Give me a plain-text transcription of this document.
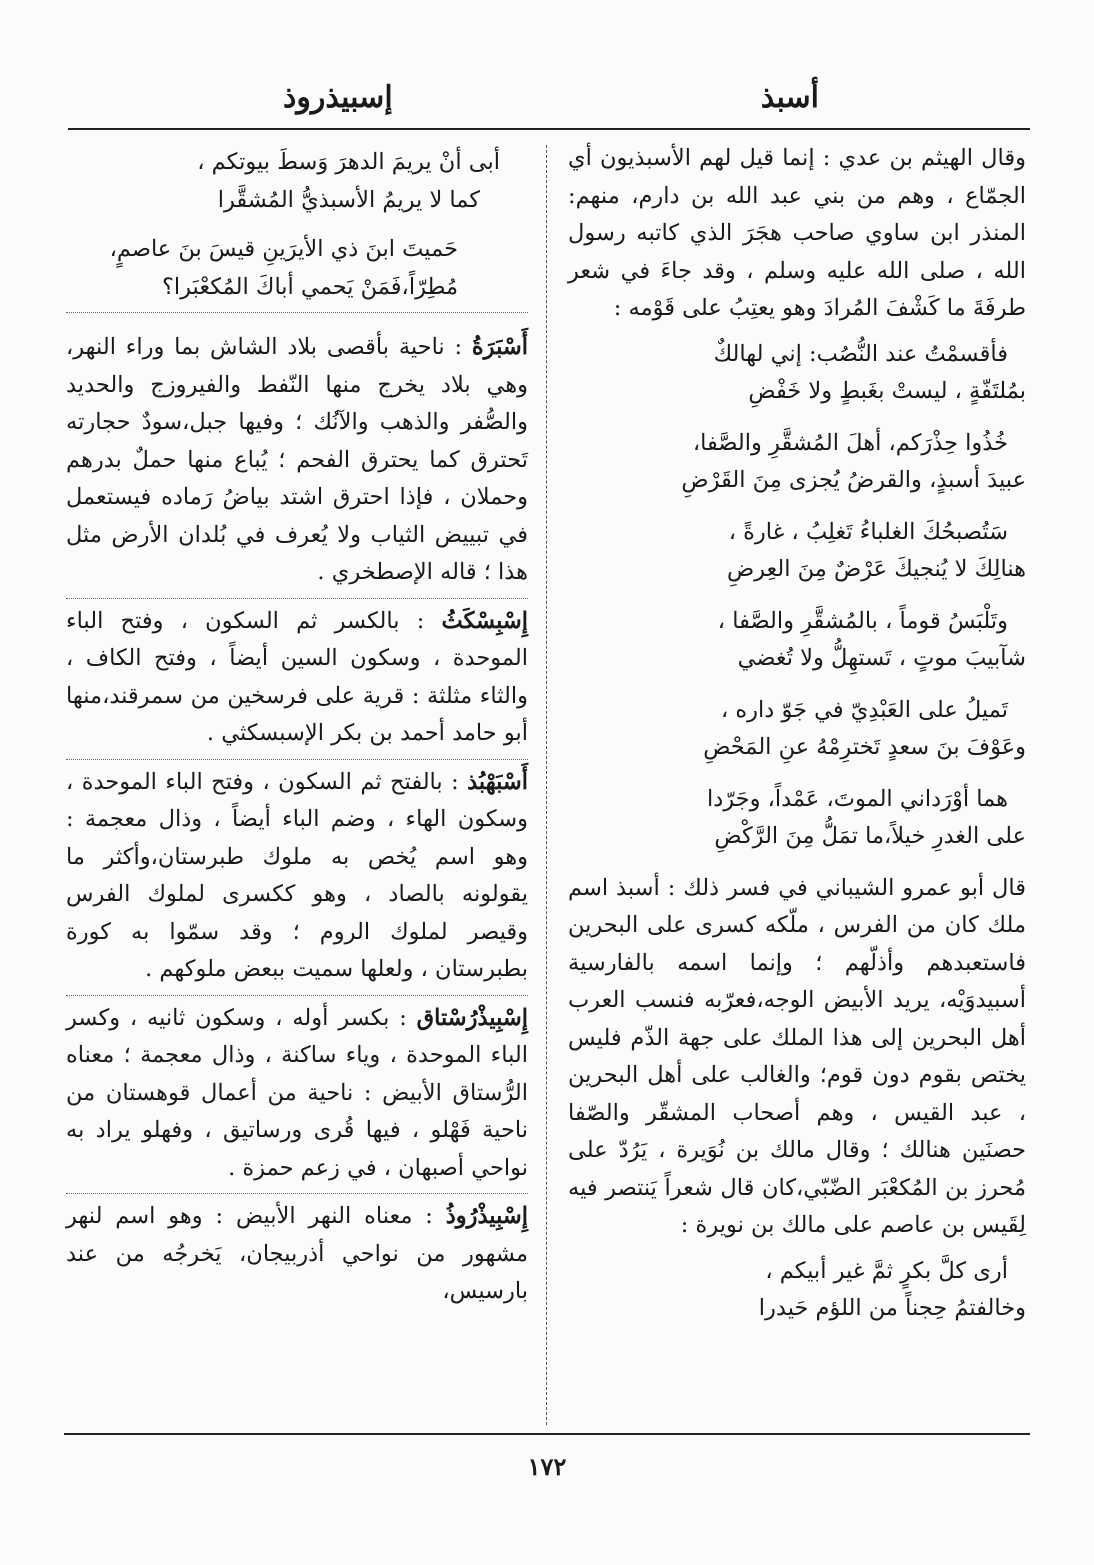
أسبذ
إسبيذروذ

وقال الهيثم بن عدي : إنما قيل لهم الأسبذيون أي الجمّاع ، وهم من بني عبد الله بن دارم، منهم: المنذر ابن ساوي صاحب هجَرَ الذي كاتبه رسول الله ، صلى الله عليه وسلم ، وقد جاءَ في شعر طرفَةَ ما كَشْفَ المُرادَ وهو يعتِبُ على قَوْمه :

فأقسمْتُ عند النُّصُب: إني لهالكٌ
بمُلتَفّةٍ ، ليستْ بغَبطٍ ولا خَفْضِ
خُذُوا حِذْرَكم، أهلَ المُشقَّرِ والصَّفا،
عبيدَ أسبذٍ، والقرضُ يُجزى مِنَ القَرْضِ
سَتُصبحُكَ الغلباءُ تَغلِبُ ، غارةً ،
هنالِكَ لا يُنجيكَ عَرْضٌ مِنَ العِرضِ
وتَلْبَسُ قوماً ، بالمُشقَّرِ والصَّفا ،
شآبيبَ موتٍ ، تَستهِلُّ ولا تُغضي
تَميلُ على العَبْدِيّ في جَوّ داره ،
وعَوْفَ بنَ سعدٍ تَخترِمْهُ عنِ المَحْضِ
هما أوْرَداني الموتَ، عَمْداً، وجَرّدا
على الغدرِ خيلاً،ما تمَلُّ مِنَ الرَّكْضِ

قال أبو عمرو الشيباني في فسر ذلك : أسبذ اسم ملك كان من الفرس ، ملّكه كسرى على البحرين فاستعبدهم وأذلّهم ؛ وإنما اسمه بالفارسية أسبيدوَيْه، يريد الأبيض الوجه،فعرّبه فنسب العرب أهل البحرين إلى هذا الملك على جهة الذّم فليس يختص بقوم دون قوم؛ والغالب على أهل البحرين ، عبد القيس ، وهم أصحاب المشقّر والصّفا حصنَين هنالك ؛ وقال مالك بن نُوَيرة ، يَرُدّ على مُحرز بن المُكعْبَر الضّبّي،كان قال شعراً يَنتصر فيه لِقَيس بن عاصم على مالك بن نويرة :

أرى كلَّ بكرٍ ثمَّ غير أبيكم ،
وخالفتمُ حِجناً من اللؤم حَيدرا
أبى أنْ يريمَ الدهرَ وَسطَ بيوتكم ،
كما لا يريمُ الأسبذيُّ المُشقَّرا
حَميتَ ابنَ ذي الأيرَينِ قيسَ بنَ عاصمٍ،
مُطِرّاً،فَمَنْ يَحمي أباكَ المُكعْبَرا؟

أَسْبَرَةُ : ناحية بأقصى بلاد الشاش بما وراء النهر، وهي بلاد يخرج منها النّفط والفيروزج والحديد والصُّفر والذهب والآنُك ؛ وفيها جبل،سودٌ حجارته تَحترق كما يحترق الفحم ؛ يُباع منها حملٌ بدرهم وحملان ، فإذا احترق اشتد بياضُ رَماده فيستعمل في تبييض الثياب ولا يُعرف في بُلدان الأرض مثل هذا ؛ قاله الإصطخري .

إِسْبِسْكَثُ : بالكسر ثم السكون ، وفتح الباء الموحدة ، وسكون السين أيضاً ، وفتح الكاف ، والثاء مثلثة : قرية على فرسخين من سمرقند،منها أبو حامد أحمد بن بكر الإسبسكثي .

أَسْبَهْبُذ : بالفتح ثم السكون ، وفتح الباء الموحدة ، وسكون الهاء ، وضم الباء أيضاً ، وذال معجمة : وهو اسم يُخص به ملوك طبرستان،وأكثر ما يقولونه بالصاد ، وهو ككسرى لملوك الفرس وقيصر لملوك الروم ؛ وقد سمّوا به كورة بطبرستان ، ولعلها سميت ببعض ملوكهم .

إِسْبِيذْرُسْتاق : بكسر أوله ، وسكون ثانيه ، وكسر الباء الموحدة ، وياء ساكنة ، وذال معجمة ؛ معناه الرُّستاق الأبيض : ناحية من أعمال قوهستان من ناحية فَهْلو ، فيها قُرى ورساتيق ، وفهلو يراد به نواحي أصبهان ، في زعم حمزة .

إِسْبِيذْرُوذُ : معناه النهر الأبيض : وهو اسم لنهر مشهور من نواحي أذربيجان، يَخرجُه من عند بارسيس،

١٧٢
